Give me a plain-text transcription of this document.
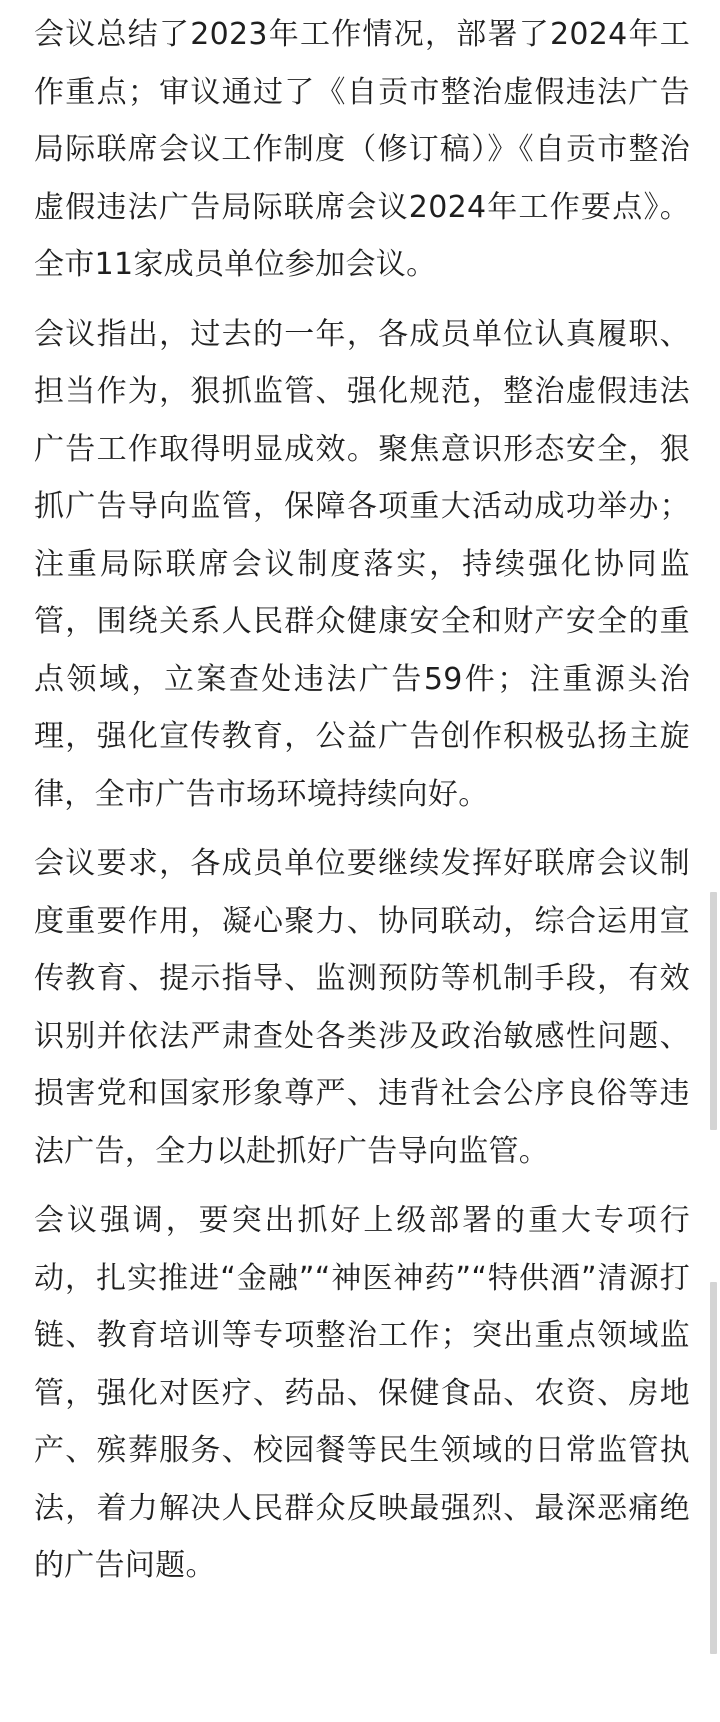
会议总结了2023年工作情况，部署了2024年工作重点；审议通过了《自贡市整治虚假违法广告局际联席会议工作制度（修订稿）》《自贡市整治虚假违法广告局际联席会议2024年工作要点》。全市11家成员单位参加会议。

会议指出，过去的一年，各成员单位认真履职、担当作为，狠抓监管、强化规范，整治虚假违法广告工作取得明显成效。聚焦意识形态安全，狠抓广告导向监管，保障各项重大活动成功举办；注重局际联席会议制度落实，持续强化协同监管，围绕关系人民群众健康安全和财产安全的重点领域，立案查处违法广告59件；注重源头治理，强化宣传教育，公益广告创作积极弘扬主旋律，全市广告市场环境持续向好。

会议要求，各成员单位要继续发挥好联席会议制度重要作用，凝心聚力、协同联动，综合运用宣传教育、提示指导、监测预防等机制手段，有效识别并依法严肃查处各类涉及政治敏感性问题、损害党和国家形象尊严、违背社会公序良俗等违法广告，全力以赴抓好广告导向监管。

会议强调，要突出抓好上级部署的重大专项行动，扎实推进“金融”“神医神药”“特供酒”清源打链、教育培训等专项整治工作；突出重点领域监管，强化对医疗、药品、保健食品、农资、房地产、殡葬服务、校园餐等民生领域的日常监管执法，着力解决人民群众反映最强烈、最深恶痛绝的广告问题。
